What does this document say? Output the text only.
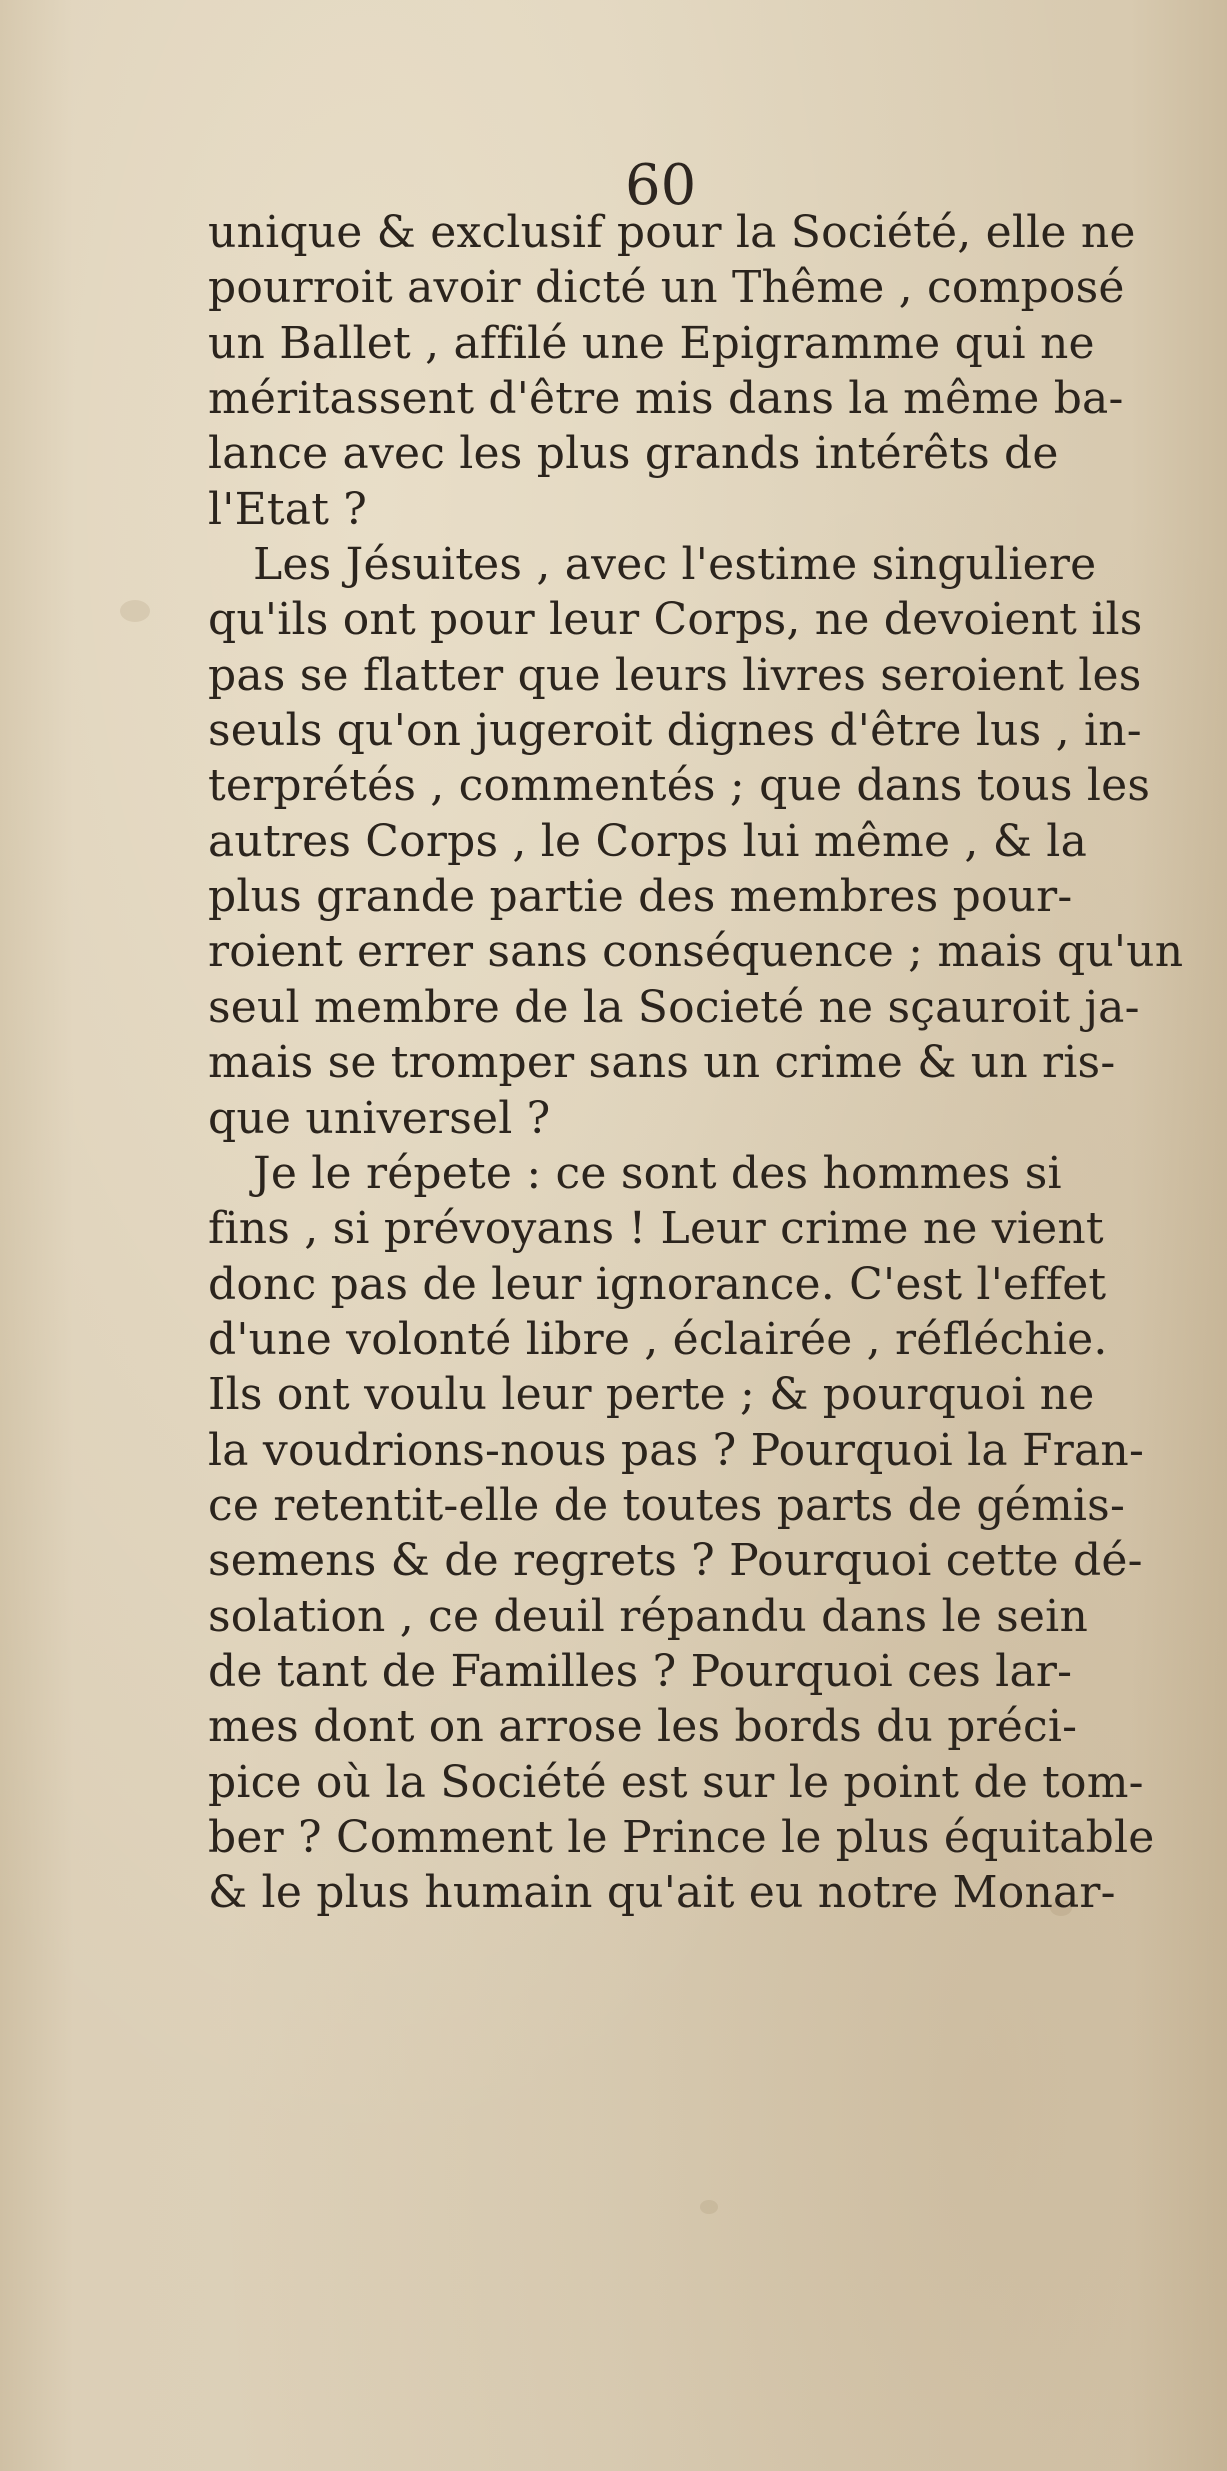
60
unique & exclusif pour la Société, elle ne
pourroit avoir dicté un Thême , composé
un Ballet , affilé une Epigramme qui ne
méritassent d'être mis dans la même ba-
lance avec les plus grands intérêts de
l'Etat ?
Les Jésuites , avec l'estime singuliere
qu'ils ont pour leur Corps, ne devoient ils
pas se flatter que leurs livres seroient les
seuls qu'on jugeroit dignes d'être lus , in-
terprétés , commentés ; que dans tous les
autres Corps , le Corps lui même , & la
plus grande partie des membres pour-
roient errer sans conséquence ; mais qu'un
seul membre de la Societé ne sçauroit ja-
mais se tromper sans un crime & un ris-
que universel ?
Je le répete : ce sont des hommes si
fins , si prévoyans ! Leur crime ne vient
donc pas de leur ignorance. C'est l'effet
d'une volonté libre , éclairée , réfléchie.
Ils ont voulu leur perte ; & pourquoi ne
la voudrions-nous pas ? Pourquoi la Fran-
ce retentit-elle de toutes parts de gémis-
semens & de regrets ? Pourquoi cette dé-
solation , ce deuil répandu dans le sein
de tant de Familles ? Pourquoi ces lar-
mes dont on arrose les bords du préci-
pice où la Société est sur le point de tom-
ber ? Comment le Prince le plus équitable
& le plus humain qu'ait eu notre Monar-
